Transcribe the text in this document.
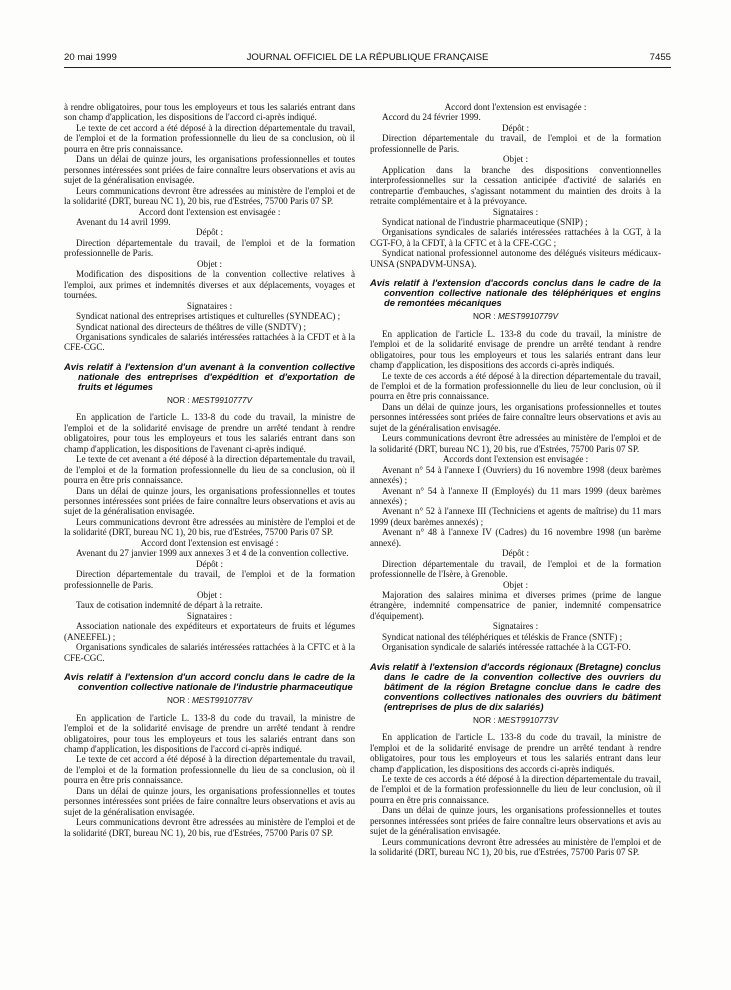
20 mai 1999	JOURNAL OFFICIEL DE LA RÉPUBLIQUE FRANÇAISE	7455
à rendre obligatoires, pour tous les employeurs et tous les salariés entrant dans son champ d'application, les dispositions de l'accord ci-après indiqué.
Le texte de cet accord a été déposé à la direction départementale du travail, de l'emploi et de la formation professionnelle du lieu de sa conclusion, où il pourra en être pris connaissance.
Dans un délai de quinze jours, les organisations professionnelles et toutes personnes intéressées sont priées de faire connaître leurs observations et avis au sujet de la généralisation envisagée.
Leurs communications devront être adressées au ministère de l'emploi et de la solidarité (DRT, bureau NC 1), 20 bis, rue d'Estrées, 75700 Paris 07 SP.
Accord dont l'extension est envisagée :
Avenant du 14 avril 1999.
Dépôt :
Direction départementale du travail, de l'emploi et de la formation professionnelle de Paris.
Objet :
Modification des dispositions de la convention collective relatives à l'emploi, aux primes et indemnités diverses et aux déplacements, voyages et tournées.
Signataires :
Syndicat national des entreprises artistiques et culturelles (SYNDEAC) ;
Syndicat national des directeurs de théâtres de ville (SNDTV) ;
Organisations syndicales de salariés intéressées rattachées à la CFDT et à la CFE-CGC.
Avis relatif à l'extension d'un avenant à la convention collective nationale des entreprises d'expédition et d'exportation de fruits et légumes
NOR : MEST9910777V
En application de l'article L. 133-8 du code du travail, la ministre de l'emploi et de la solidarité envisage de prendre un arrêté tendant à rendre obligatoires, pour tous les employeurs et tous les salariés entrant dans son champ d'application, les dispositions de l'avenant ci-après indiqué.
Le texte de cet avenant a été déposé à la direction départementale du travail, de l'emploi et de la formation professionnelle du lieu de sa conclusion, où il pourra en être pris connaissance.
Dans un délai de quinze jours, les organisations professionnelles et toutes personnes intéressées sont priées de faire connaître leurs observations et avis au sujet de la généralisation envisagée.
Leurs communications devront être adressées au ministère de l'emploi et de la solidarité (DRT, bureau NC 1), 20 bis, rue d'Estrées, 75700 Paris 07 SP.
Accord dont l'extension est envisagé :
Avenant du 27 janvier 1999 aux annexes 3 et 4 de la convention collective.
Dépôt :
Direction départementale du travail, de l'emploi et de la formation professionnelle de Paris.
Objet :
Taux de cotisation indemnité de départ à la retraite.
Signataires :
Association nationale des expéditeurs et exportateurs de fruits et légumes (ANEEFEL) ;
Organisations syndicales de salariés intéressées rattachées à la CFTC et à la CFE-CGC.
Avis relatif à l'extension d'un accord conclu dans le cadre de la convention collective nationale de l'industrie pharmaceutique
NOR : MEST9910778V
En application de l'article L. 133-8 du code du travail, la ministre de l'emploi et de la solidarité envisage de prendre un arrêté tendant à rendre obligatoires, pour tous les employeurs et tous les salariés entrant dans son champ d'application, les dispositions de l'accord ci-après indiqué.
Le texte de cet accord a été déposé à la direction départementale du travail, de l'emploi et de la formation professionnelle du lieu de sa conclusion, où il pourra en être pris connaissance.
Dans un délai de quinze jours, les organisations professionnelles et toutes personnes intéressées sont priées de faire connaître leurs observations et avis au sujet de la généralisation envisagée.
Leurs communications devront être adressées au ministère de l'emploi et de la solidarité (DRT, bureau NC 1), 20 bis, rue d'Estrées, 75700 Paris 07 SP.
Accord dont l'extension est envisagée :
Accord du 24 février 1999.
Dépôt :
Direction départementale du travail, de l'emploi et de la formation professionnelle de Paris.
Objet :
Application dans la branche des dispositions conventionnelles interprofessionnelles sur la cessation anticipée d'activité de salariés en contrepartie d'embauches, s'agissant notamment du maintien des droits à la retraite complémentaire et à la prévoyance.
Signataires :
Syndicat national de l'industrie pharmaceutique (SNIP) ;
Organisations syndicales de salariés intéressées rattachées à la CGT, à la CGT-FO, à la CFDT, à la CFTC et à la CFE-CGC ;
Syndicat national professionnel autonome des délégués visiteurs médicaux-UNSA (SNPADVM-UNSA).
Avis relatif à l'extension d'accords conclus dans le cadre de la convention collective nationale des téléphériques et engins de remontées mécaniques
NOR : MEST9910779V
En application de l'article L. 133-8 du code du travail, la ministre de l'emploi et de la solidarité envisage de prendre un arrêté tendant à rendre obligatoires, pour tous les employeurs et tous les salariés entrant dans leur champ d'application, les dispositions des accords ci-après indiqués.
Le texte de ces accords a été déposé à la direction départementale du travail, de l'emploi et de la formation professionnelle du lieu de leur conclusion, où il pourra en être pris connaissance.
Dans un délai de quinze jours, les organisations professionnelles et toutes personnes intéressées sont priées de faire connaître leurs observations et avis au sujet de la généralisation envisagée.
Leurs communications devront être adressées au ministère de l'emploi et de la solidarité (DRT, bureau NC 1), 20 bis, rue d'Estrées, 75700 Paris 07 SP.
Accords dont l'extension est envisagée :
Avenant n° 54 à l'annexe I (Ouvriers) du 16 novembre 1998 (deux barèmes annexés) ;
Avenant n° 54 à l'annexe II (Employés) du 11 mars 1999 (deux barèmes annexés) ;
Avenant n° 52 à l'annexe III (Techniciens et agents de maîtrise) du 11 mars 1999 (deux barèmes annexés) ;
Avenant n° 48 à l'annexe IV (Cadres) du 16 novembre 1998 (un barème annexé).
Dépôt :
Direction départementale du travail, de l'emploi et de la formation professionnelle de l'Isère, à Grenoble.
Objet :
Majoration des salaires minima et diverses primes (prime de langue étrangère, indemnité compensatrice de panier, indemnité compensatrice d'équipement).
Signataires :
Syndicat national des téléphériques et téléskis de France (SNTF) ;
Organisation syndicale de salariés intéressée rattachée à la CGT-FO.
Avis relatif à l'extension d'accords régionaux (Bretagne) conclus dans le cadre de la convention collective des ouvriers du bâtiment de la région Bretagne conclue dans le cadre des conventions collectives nationales des ouvriers du bâtiment (entreprises de plus de dix salariés)
NOR : MEST9910773V
En application de l'article L. 133-8 du code du travail, la ministre de l'emploi et de la solidarité envisage de prendre un arrêté tendant à rendre obligatoires, pour tous les employeurs et tous les salariés entrant dans leur champ d'application, les dispositions des accords ci-après indiqués.
Le texte de ces accords a été déposé à la direction départementale du travail, de l'emploi et de la formation professionnelle du lieu de leur conclusion, où il pourra en être pris connaissance.
Dans un délai de quinze jours, les organisations professionnelles et toutes personnes intéressées sont priées de faire connaître leurs observations et avis au sujet de la généralisation envisagée.
Leurs communications devront être adressées au ministère de l'emploi et de la solidarité (DRT, bureau NC 1), 20 bis, rue d'Estrées, 75700 Paris 07 SP.
